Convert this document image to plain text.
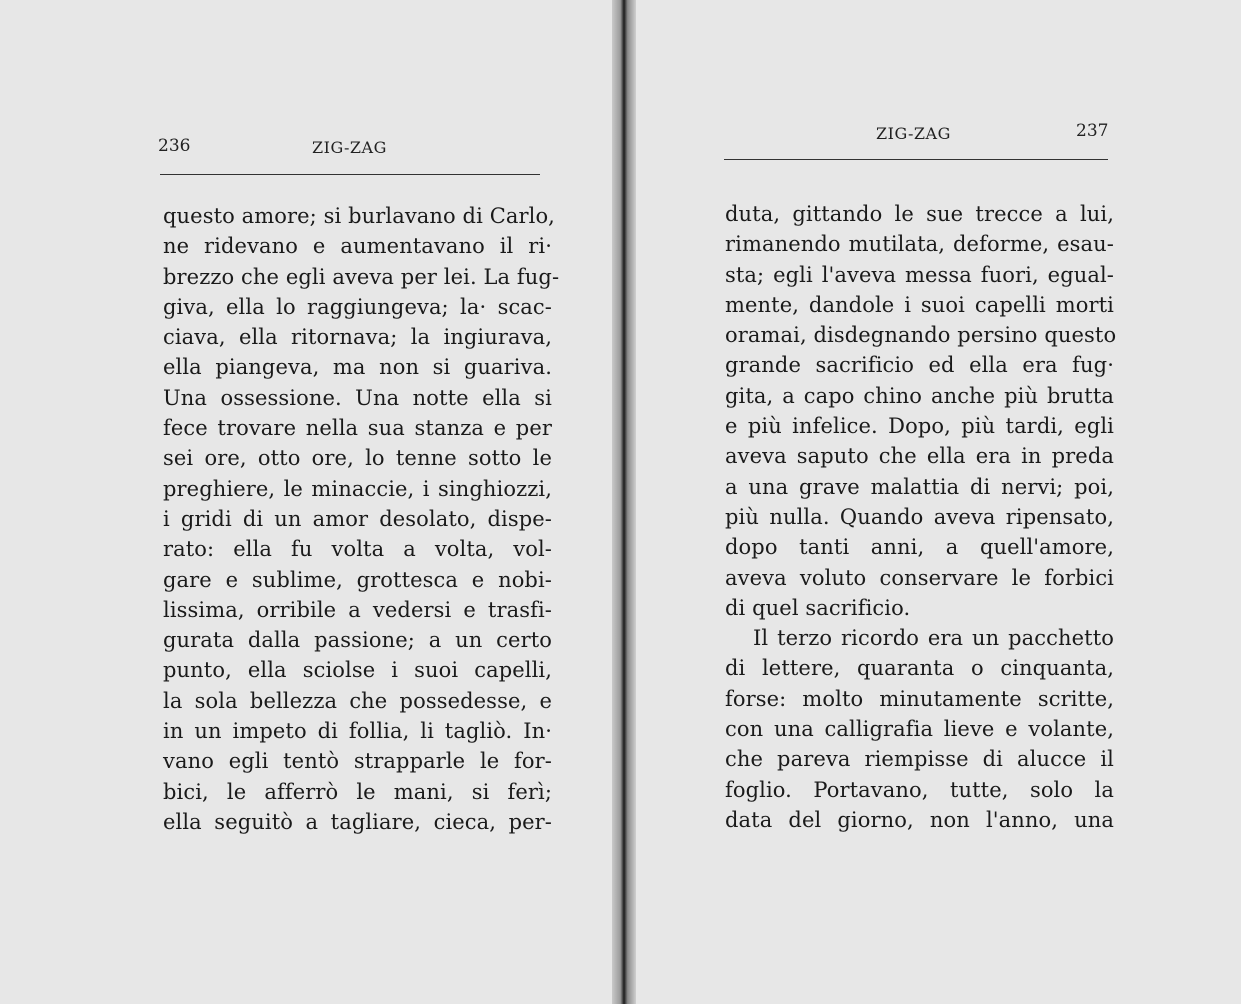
236	ZIG-ZAG
questo amore; si burlavano di Carlo,
ne ridevano e aumentavano il ri·
brezzo che egli aveva per lei. La fug-
giva, ella lo raggiungeva; la· scac-
ciava, ella ritornava; la ingiurava,
ella piangeva, ma non si guariva.
Una ossessione. Una notte ella si
fece trovare nella sua stanza e per
sei ore, otto ore, lo tenne sotto le
preghiere, le minaccie, i singhiozzi,
i gridi di un amor desolato, dispe-
rato: ella fu volta a volta, vol-
gare e sublime, grottesca e nobi-
lissima, orribile a vedersi e trasfi-
gurata dalla passione; a un certo
punto, ella sciolse i suoi capelli,
la sola bellezza che possedesse, e
in un impeto di follia, li tagliò. In·
vano egli tentò strapparle le for-
bici, le afferrò le mani, si ferì;
ella seguitò a tagliare, cieca, per-
ZIG-ZAG	237
duta, gittando le sue trecce a lui,
rimanendo mutilata, deforme, esau-
sta; egli l'aveva messa fuori, egual-
mente, dandole i suoi capelli morti
oramai, disdegnando persino questo
grande sacrificio ed ella era fug·
gita, a capo chino anche più brutta
e più infelice. Dopo, più tardi, egli
aveva saputo che ella era in preda
a una grave malattia di nervi; poi,
più nulla. Quando aveva ripensato,
dopo tanti anni, a quell'amore,
aveva voluto conservare le forbici
di quel sacrificio.
Il terzo ricordo era un pacchetto
di lettere, quaranta o cinquanta,
forse: molto minutamente scritte,
con una calligrafia lieve e volante,
che pareva riempisse di alucce il
foglio. Portavano, tutte, solo la
data del giorno, non l'anno, una
